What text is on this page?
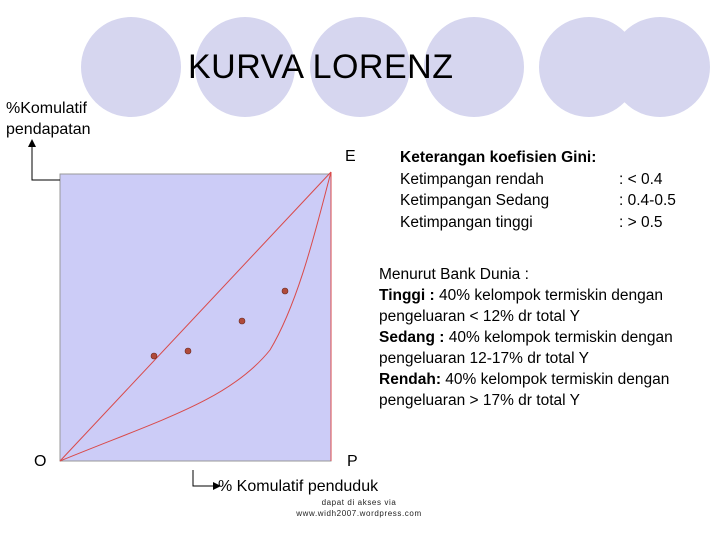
KURVA LORENZ
%Komulatif
pendapatan
E
O	P
Keterangan koefisien Gini:
Ketimpangan rendah	: < 0.4
Ketimpangan Sedang	: 0.4-0.5
Ketimpangan tinggi	: > 0.5
Menurut Bank Dunia :
Tinggi : 40% kelompok termiskin dengan pengeluaran < 12% dr total Y
Sedang : 40% kelompok termiskin dengan pengeluaran 12-17% dr total Y
Rendah: 40% kelompok termiskin dengan pengeluaran > 17% dr total Y
% Komulatif penduduk
dapat di akses via
www.widh2007.wordpress.com
